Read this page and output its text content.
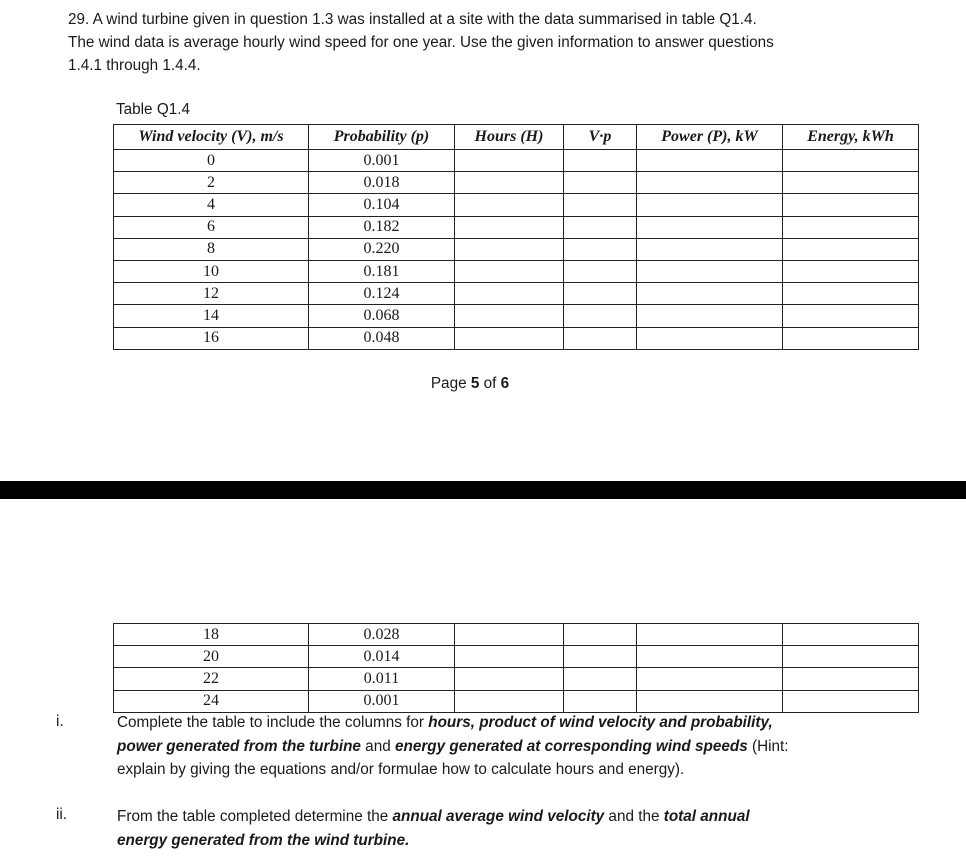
29. A wind turbine given in question 1.3 was installed at a site with the data summarised in table Q1.4.
The wind data is average hourly wind speed for one year. Use the given information to answer questions
1.4.1 through 1.4.4.
Table Q1.4
Wind velocity (V), m/s	Probability (p)	Hours (H)	V·p	Power (P), kW	Energy, kWh
0	0.001				
2	0.018				
4	0.104				
6	0.182				
8	0.220				
10	0.181				
12	0.124				
14	0.068				
16	0.048				
Page 5 of 6
18	0.028				
20	0.014				
22	0.011				
24	0.001				
i.	Complete the table to include the columns for hours, product of wind velocity and probability,
power generated from the turbine and energy generated at corresponding wind speeds (Hint:
explain by giving the equations and/or formulae how to calculate hours and energy).
ii.	From the table completed determine the annual average wind velocity and the total annual
energy generated from the wind turbine.
